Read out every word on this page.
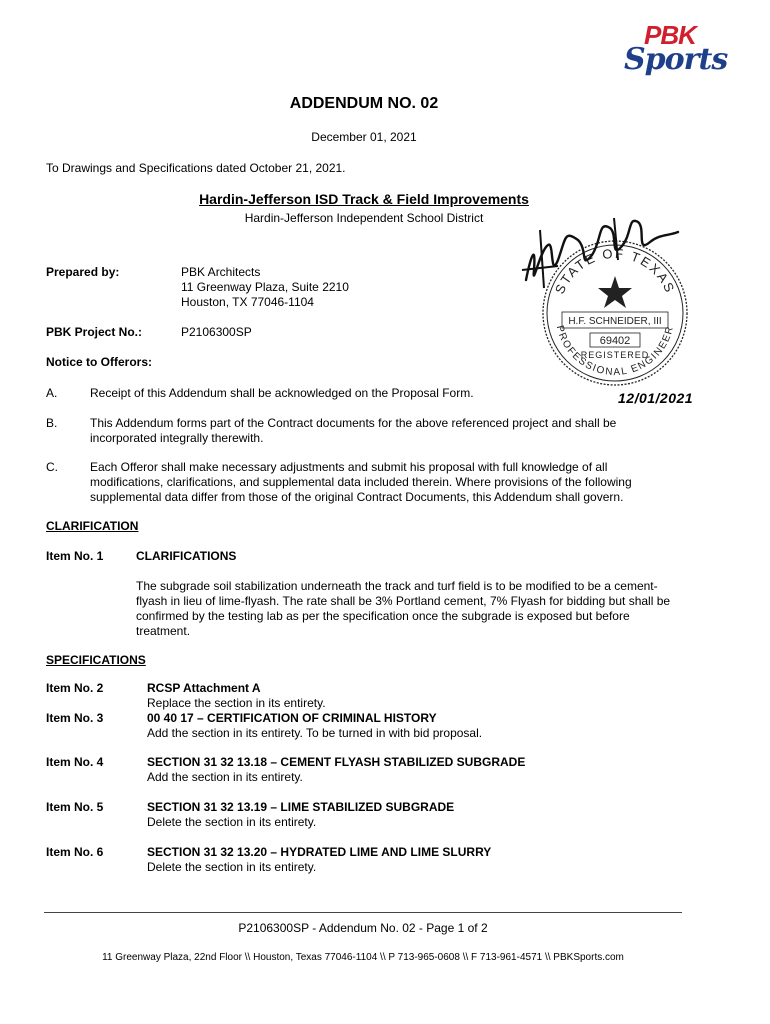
PBK
Sports
ADDENDUM NO. 02
December 01, 2021
To Drawings and Specifications dated October 21, 2021.
Hardin-Jefferson ISD Track & Field Improvements
Hardin-Jefferson Independent School District
Prepared by:	PBK Architects
11 Greenway Plaza, Suite 2210
Houston, TX 77046-1104
PBK Project No.:	P2106300SP
Notice to Offerors:
A.	Receipt of this Addendum shall be acknowledged on the Proposal Form.
B.	This Addendum forms part of the Contract documents for the above referenced project and shall be incorporated integrally therewith.
C.	Each Offeror shall make necessary adjustments and submit his proposal with full knowledge of all modifications, clarifications, and supplemental data included therein. Where provisions of the following supplemental data differ from those of the original Contract Documents, this Addendum shall govern.
STATE OF TEXAS
H.F. SCHNEIDER, III
69402
REGISTERED
PROFESSIONAL ENGINEER
12/01/2021
CLARIFICATION
Item No. 1	CLARIFICATIONS
The subgrade soil stabilization underneath the track and turf field is to be modified to be a cement-flyash in lieu of lime-flyash. The rate shall be 3% Portland cement, 7% Flyash for bidding but shall be confirmed by the testing lab as per the specification once the subgrade is exposed but before treatment.
SPECIFICATIONS
Item No. 2	RCSP Attachment A
Replace the section in its entirety.
Item No. 3	00 40 17 – CERTIFICATION OF CRIMINAL HISTORY
Add the section in its entirety. To be turned in with bid proposal.
Item No. 4	SECTION 31 32 13.18 – CEMENT FLYASH STABILIZED SUBGRADE
Add the section in its entirety.
Item No. 5	SECTION 31 32 13.19 – LIME STABILIZED SUBGRADE
Delete the section in its entirety.
Item No. 6	SECTION 31 32 13.20 – HYDRATED LIME AND LIME SLURRY
Delete the section in its entirety.
P2106300SP - Addendum No. 02 - Page 1 of 2
11 Greenway Plaza, 22nd Floor \\ Houston, Texas 77046-1104 \\ P 713-965-0608 \\ F 713-961-4571 \\ PBKSports.com
